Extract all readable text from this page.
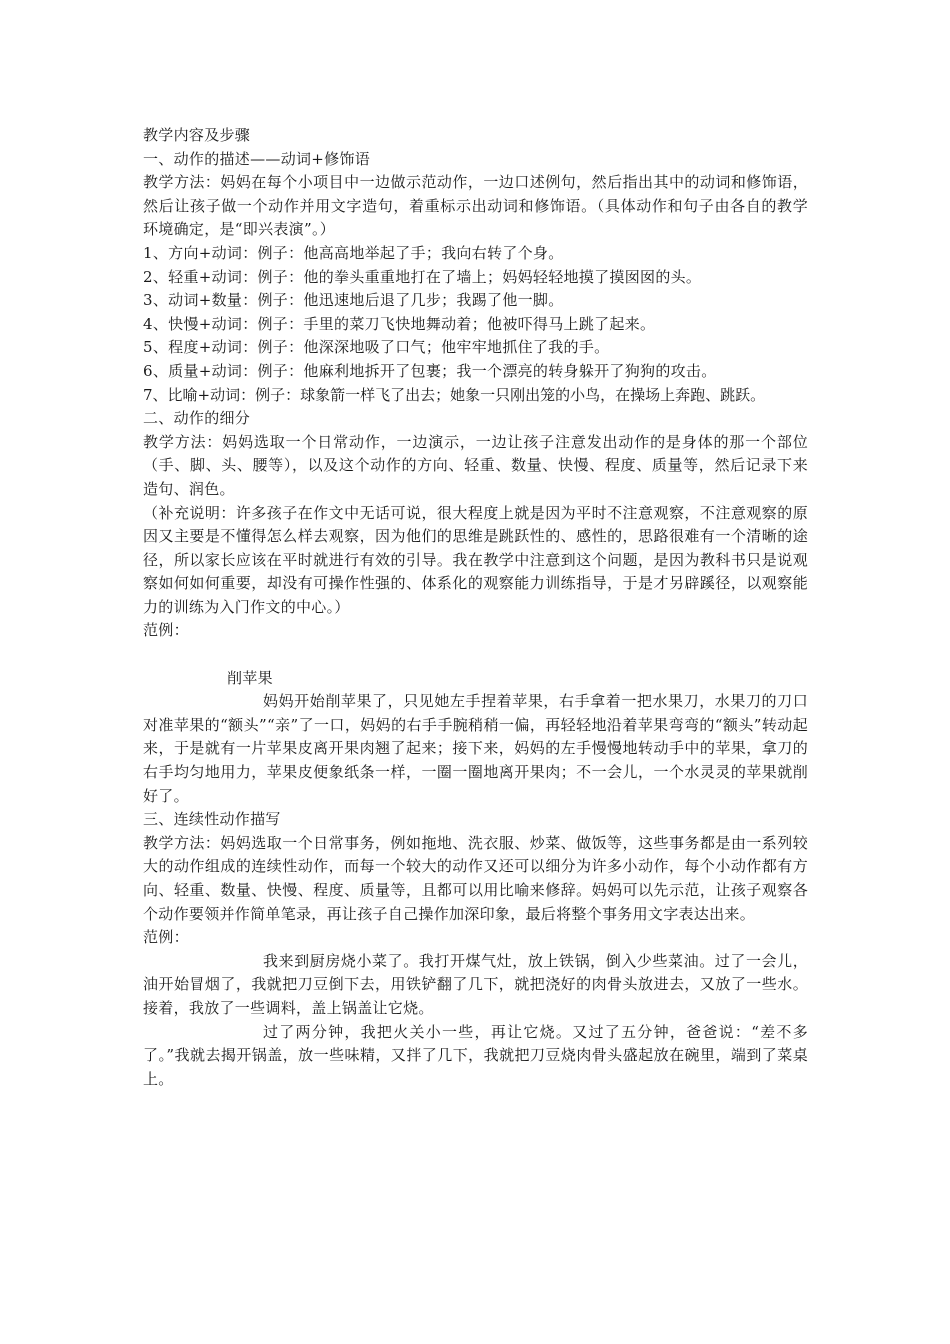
教学内容及步骤
一、动作的描述——动词+修饰语
教学方法：妈妈在每个小项目中一边做示范动作，一边口述例句，然后指出其中的动词和修饰语，然后让孩子做一个动作并用文字造句，着重标示出动词和修饰语。（具体动作和句子由各自的教学环境确定，是“即兴表演”。）
1、方向+动词：例子：他高高地举起了手；我向右转了个身。
2、轻重+动词：例子：他的拳头重重地打在了墙上；妈妈轻轻地摸了摸囡囡的头。
3、动词+数量：例子：他迅速地后退了几步；我踢了他一脚。
4、快慢+动词：例子：手里的菜刀飞快地舞动着；他被吓得马上跳了起来。
5、程度+动词：例子：他深深地吸了口气；他牢牢地抓住了我的手。
6、质量+动词：例子：他麻利地拆开了包裹；我一个漂亮的转身躲开了狗狗的攻击。
7、比喻+动词：例子：球象箭一样飞了出去；她象一只刚出笼的小鸟，在操场上奔跑、跳跃。
二、动作的细分
教学方法：妈妈选取一个日常动作，一边演示，一边让孩子注意发出动作的是身体的那一个部位（手、脚、头、腰等），以及这个动作的方向、轻重、数量、快慢、程度、质量等，然后记录下来造句、润色。
（补充说明：许多孩子在作文中无话可说，很大程度上就是因为平时不注意观察，不注意观察的原因又主要是不懂得怎么样去观察，因为他们的思维是跳跃性的、感性的，思路很难有一个清晰的途径，所以家长应该在平时就进行有效的引导。我在教学中注意到这个问题，是因为教科书只是说观察如何如何重要，却没有可操作性强的、体系化的观察能力训练指导，于是才另辟蹊径，以观察能力的训练为入门作文的中心。）
范例：
削苹果
妈妈开始削苹果了，只见她左手捏着苹果，右手拿着一把水果刀，水果刀的刀口对准苹果的“额头”“亲”了一口，妈妈的右手手腕稍稍一偏，再轻轻地沿着苹果弯弯的“额头”转动起来，于是就有一片苹果皮离开果肉翘了起来；接下来，妈妈的左手慢慢地转动手中的苹果，拿刀的右手均匀地用力，苹果皮便象纸条一样，一圈一圈地离开果肉；不一会儿，一个水灵灵的苹果就削好了。
三、连续性动作描写
教学方法：妈妈选取一个日常事务，例如拖地、洗衣服、炒菜、做饭等，这些事务都是由一系列较大的动作组成的连续性动作，而每一个较大的动作又还可以细分为许多小动作，每个小动作都有方向、轻重、数量、快慢、程度、质量等，且都可以用比喻来修辞。妈妈可以先示范，让孩子观察各个动作要领并作简单笔录，再让孩子自己操作加深印象，最后将整个事务用文字表达出来。
范例：
我来到厨房烧小菜了。我打开煤气灶，放上铁锅，倒入少些菜油。过了一会儿，油开始冒烟了，我就把刀豆倒下去，用铁铲翻了几下，就把浇好的肉骨头放进去，又放了一些水。接着，我放了一些调料，盖上锅盖让它烧。
过了两分钟，我把火关小一些，再让它烧。又过了五分钟，爸爸说：“差不多了。”我就去揭开锅盖，放一些味精，又拌了几下，我就把刀豆烧肉骨头盛起放在碗里，端到了菜桌上。
